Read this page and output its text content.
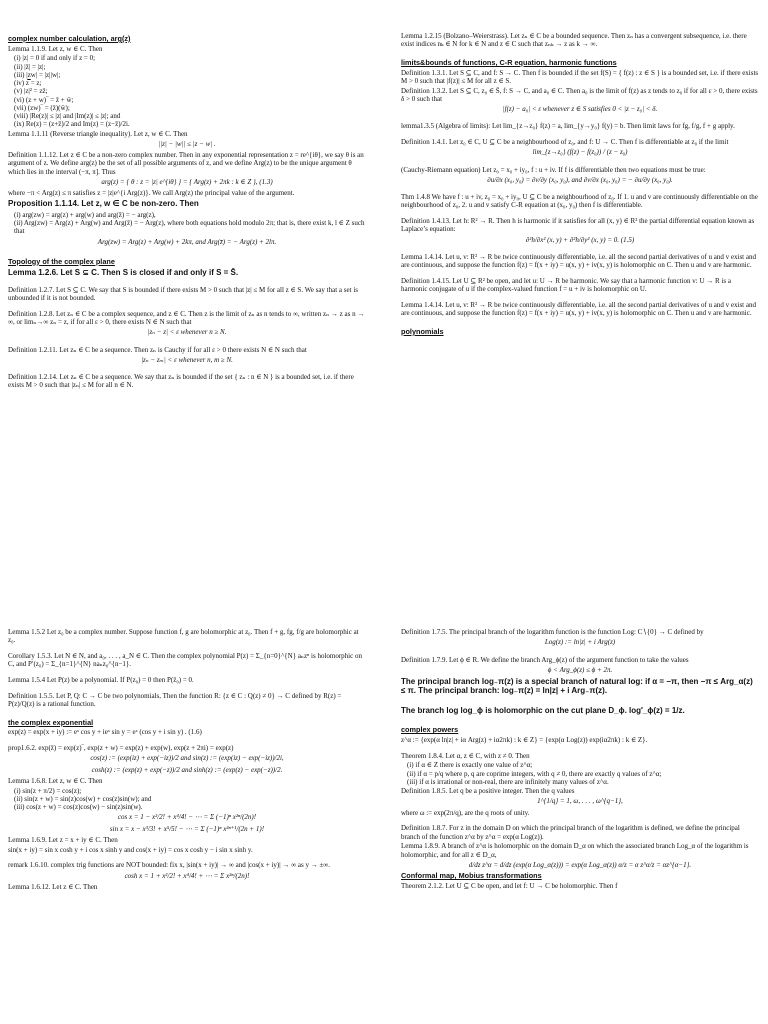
complex number calculation, arg(z)
Lemma 1.1.9. Let z, w ∈ C. Then
(i) |z| = 0 if and only if z = 0;
(ii) |z̄| = |z|;
(iii) |zw| = |z||w|;
(iv) z̿ = z;
(v) |z|² = zz̄;
(vi) (z + w)‾ = z̄ + w̄;
(vii) (zw)‾ = (z̄)(w̄);
(viii) |Re(z)| ≤ |z| and |Im(z)| ≤ |z|; and
(ix) Re(z) = (z+z̄)/2 and Im(z) = (z−z̄)/2i.
Lemma 1.1.11 (Reverse triangle inequality). Let z, w ∈ C. Then
||z| − |w|| ≤ |z − w| .
Definition 1.1.12. Let z ∈ C be a non-zero complex number. Then in any exponential representation z = re^{iθ}, we say θ is an argument of z. We define arg(z) be the set of all possible arguments of z, and we define Arg(z) to be the unique argument θ which lies in the interval (−π, π]. Thus
arg(z) = { θ : z = |z| e^{iθ} } = { Arg(z) + 2πk : k ∈ Z }, (1.3)
where −π < Arg(z) ≤ π satisfies z = |z|e^{i Arg(z)}. We call Arg(z) the principal value of the argument.
Proposition 1.1.14. Let z, w ∈ C be non-zero. Then
(i) arg(zw) = arg(z) + arg(w) and arg(z̄) = − arg(z),
(ii) Arg(zw) = Arg(z) + Arg(w) and Arg(z̄) = − Arg(z), where both equations hold modulo 2π; that is, there exist k, l ∈ Z such that
Arg(zw) = Arg(z) + Arg(w) + 2kπ, and Arg(z̄) = − Arg(z) + 2lπ.
Topology of the complex plane
Lemma 1.2.6. Let S ⊆ C. Then S is closed if and only if S = S̄.
Definition 1.2.7. Let S ⊆ C. We say that S is bounded if there exists M > 0 such that |z| ≤ M for all z ∈ S. We say that a set is unbounded if it is not bounded.
Definition 1.2.8. Let zₙ ∈ C be a complex sequence, and z ∈ C. Then z is the limit of zₙ as n tends to ∞, written zₙ → z as n → ∞, or limₙ→∞ zₙ = z, if for all ε > 0, there exists N ∈ N such that
|zₙ − z| < ε whenever n ≥ N.
Definition 1.2.11. Let zₙ ∈ C be a sequence. Then zₙ is Cauchy if for all ε > 0 there exists N ∈ N such that
|zₙ − zₘ| < ε whenever n, m ≥ N.
Definition 1.2.14. Let zₙ ∈ C be a sequence. We say that zₙ is bounded if the set { zₙ : n ∈ N } is a bounded set, i.e. if there exists M > 0 such that |zₙ| ≤ M for all n ∈ N.
Lemma 1.2.15 (Bolzano–Weierstrass). Let zₙ ∈ C be a bounded sequence. Then zₙ has a convergent subsequence, i.e. there exist indices nₖ ∈ N for k ∈ N and z ∈ C such that zₙₖ → z as k → ∞.
limits&bounds of functions, C-R equation, harmonic functions
Definition 1.3.1. Let S ⊆ C, and f: S → C. Then f is bounded if the set f(S) = { f(z) : z ∈ S } is a bounded set, i.e. if there exists M > 0 such that |f(z)| ≤ M for all z ∈ S.
Definition 1.3.2. Let S ⊆ C, z₀ ∈ S̄, f: S → C, and a₀ ∈ C. Then a₀ is the limit of f(z) as z tends to z₀ if for all ε > 0, there exists δ > 0 such that
|f(z) − a₀| < ε whenever z ∈ S satisfies 0 < |z − z₀| < δ.
lemma1.3.5 (Algebra of limits): Let lim_{z→z₀} f(z) = a, lim_{y→y₀} f(y) = b. Then limit laws for fg, f/g, f + g apply.
Definition 1.4.1. Let z₀ ∈ C, U ⊆ C be a neighbourhood of z₀, and f: U → C. Then f is differentiable at z₀ if the limit
lim_{z→z₀} (f(z) − f(z₀)) / (z − z₀)
(Cauchy-Riemann equation) Let z₀ = x₀ + iy₀, f : u + iv. If f is differentiable then two equations must be true:
∂u/∂x (x₀, y₀) = ∂v/∂y (x₀, y₀), and ∂v/∂x (x₀, y₀) = − ∂u/∂y (x₀, y₀).
Thm 1.4.8 We have f : u + iv, z₀ = x₀ + iy₀, U ⊆ C be a neighbourhood of z₀. If 1. u and v are continuously differentiable on the neighbourhood of z₀, 2. u and v satisfy C-R equation at (x₀, y₀) then f is differentiable.
Definition 1.4.13. Let h: R² → R. Then h is harmonic if it satisfies for all (x, y) ∈ R² the partial differential equation known as Laplace’s equation:
∂²h/∂x² (x, y) + ∂²h/∂y² (x, y) = 0. (1.5)
Lemma 1.4.14. Let u, v: R² → R be twice continuously differentiable, i.e. all the second partial derivatives of u and v exist and are continuous, and suppose the function f(z) = f(x + iy) = u(x, y) + iv(x, y) is holomorphic on C. Then u and v are harmonic.
Definition 1.4.15. Let U ⊆ R² be open, and let u: U → R be harmonic. We say that a harmonic function v: U → R is a harmonic conjugate of u if the complex-valued function f = u + iv is holomorphic on U.
Lemma 1.4.14. Let u, v: R² → R be twice continuously differentiable, i.e. all the second partial derivatives of u and v exist and are continuous, and suppose the function f(z) = f(x + iy) = u(x, y) + iv(x, y) is holomorphic on C. Then u and v are harmonic.
polynomials
Lemma 1.5.2 Let z₀ be a complex number. Suppose function f, g are holomorphic at z₀. Then f + g, fg, f/g are holomorphic at z₀.
Corollary 1.5.3. Let N ∈ N, and a₀, . . . , a_N ∈ C. Then the complex polynomial P(z) = Σ_{n=0}^{N} aₙzⁿ is holomorphic on C, and P′(z₀) = Σ_{n=1}^{N} naₙz₀^{n−1}.
Lemma 1.5.4 Let P(z) be a polynomial. If P(z₀) = 0 then P(z̄₀) = 0.
Definition 1.5.5. Let P, Q: C → C be two polynomials, Then the function R: {z ∈ C : Q(z) ≠ 0} → C defined by R(z) = P(z)/Q(z) is a rational function.
the complex exponential
exp(z) = exp(x + iy) := eˣ cos y + ieˣ sin y = eˣ (cos y + i sin y) . (1.6)
prop1.6.2. exp(z̄) = exp(z)‾, exp(z + w) = exp(z) + exp(w), exp(z + 2πi) = exp(z)
cos(z) := (exp(iz) + exp(−iz))/2 and sin(z) := (exp(iz) − exp(−iz))/2i,
cosh(z) := (exp(z) + exp(−z))/2 and sinh(z) := (exp(z) − exp(−z))/2.
Lemma 1.6.8. Let z, w ∈ C. Then
(i) sin(z + π/2) = cos(z);
(ii) sin(z + w) = sin(z)cos(w) + cos(z)sin(w); and
(iii) cos(z + w) = cos(z)cos(w) − sin(z)sin(w).
cos x = 1 − x²/2! + x⁴/4! − ⋯ = Σ (−1)ⁿ x²ⁿ/(2n)!
sin x = x − x³/3! + x⁵/5! − ⋯ = Σ (−1)ⁿ x²ⁿ⁺¹/(2n + 1)!
Lemma 1.6.9. Let z = x + iy ∈ C. Then
sin(x + iy) = sin x cosh y + i cos x sinh y and cos(x + iy) = cos x cosh y − i sin x sinh y.
remark 1.6.10. complex trig functions are NOT bounded: fix x, |sin(x + iy)| → ∞ and |cos(x + iy)| → ∞ as y → ±∞.
cosh x = 1 + x²/2! + x⁴/4! + ⋯ = Σ x²ⁿ/(2n)!
Lemma 1.6.12. Let z ∈ C. Then
Definition 1.7.5. The principal branch of the logarithm function is the function Log: C∖{0} → C defined by
Log(z) := ln|z| + i Arg(z)
Definition 1.7.9. Let ϕ ∈ R. We define the branch Arg_ϕ(z) of the argument function to take the values
ϕ < Arg_ϕ(z) ≤ ϕ + 2π.
The principal branch log₋π(z) is a special branch of natural log: if α = −π, then −π ≤ Arg_α(z) ≤ π. The principal branch: log₋π(z) = ln|z| + i Arg₋π(z).
The branch log log_ϕ is holomorphic on the cut plane D_ϕ. log′_ϕ(z) = 1/z.
complex powers
z^α := {exp(α ln|z| + iα Arg(z) + iα2πk) : k ∈ Z} = {exp(α Log(z)) exp(iα2πk) : k ∈ Z}.
Theorem 1.8.4. Let α, z ∈ C, with z ≠ 0. Then
(i) if α ∈ Z there is exactly one value of z^α;
(ii) if α = p/q where p, q are coprime integers, with q ≠ 0, there are exactly q values of z^α;
(iii) if α is irrational or non-real, there are infinitely many values of z^α.
Definition 1.8.5. Let q be a positive integer. Then the q values
1^{1/q} = 1, ω, . . . , ω^{q−1},
where ω := exp(2π/q), are the q roots of unity.
Definition 1.8.7. For z in the domain D on which the principal branch of the logarithm is defined, we define the principal branch of the function z^α by z^α = exp(α Log(z)).
Lemma 1.8.9. A branch of z^α is holomorphic on the domain D_α on which the associated branch Log_α of the logarithm is holomorphic, and for all z ∈ D_α,
d/dz z^α = d/dz (exp(α Log_α(z))) = exp(α Log_α(z)) α/z = α z^α/z = αz^{α−1}.
Conformal map, Mobius transformations
Theorem 2.1.2. Let U ⊆ C be open, and let f: U → C be holomorphic. Then f
